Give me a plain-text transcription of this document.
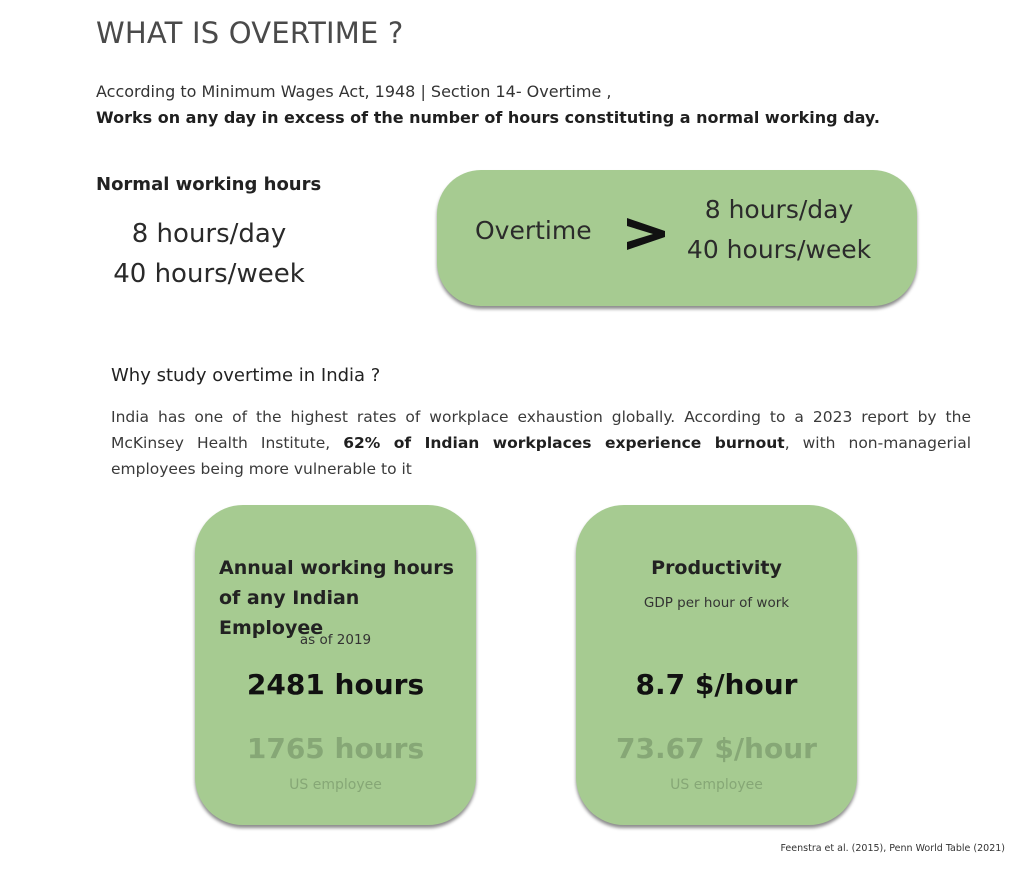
WHAT IS OVERTIME ?
According to Minimum Wages Act, 1948 | Section 14- Overtime ,
Works on any day in excess of the number of hours constituting a normal working day.
Normal working hours
8 hours/day
40 hours/week
Overtime
8 hours/day
40 hours/week
Why study overtime in India ?
India has one of the highest rates of workplace exhaustion globally. According to a 2023 report by the McKinsey Health Institute, 62% of Indian workplaces experience burnout, with non-managerial employees being more vulnerable to it
Annual working hours of any Indian Employee
as of 2019
2481 hours
1765 hours
US employee
Productivity
GDP per hour of work
8.7 $/hour
73.67 $/hour
US employee
Feenstra et al. (2015), Penn World Table (2021)
